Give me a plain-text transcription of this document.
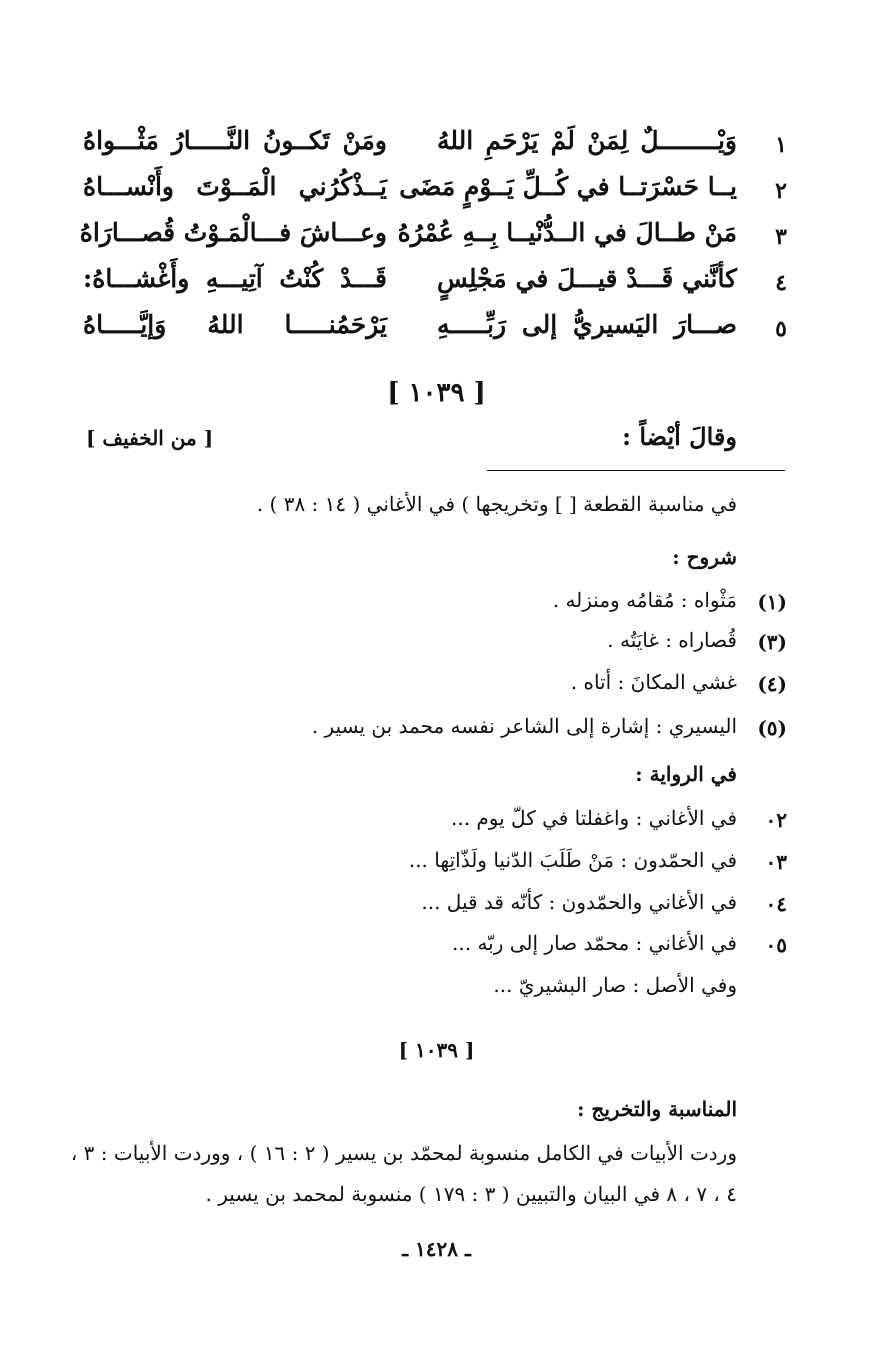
١
وَيْــــــــلٌ لِمَنْ لَمْ يَرْحَمِ اللهُ
ومَنْ تَكــونُ النَّـــــارُ مَثْـــواهُ
٢
يــا حَسْرَتــا في كُــلِّ يَــوْمٍ مَضَى
يَــذْكُرُني الْمَــوْتَ وأَنْســـاهُ
٣
مَنْ طــالَ في الــدُّنْيــا بِــهِ عُمْرُهُ
وعـــاشَ فـــالْمَـوْتُ قُصـــارَاهُ
٤
كأنَّني قَـــدْ قيـــلَ في مَجْلِسٍ
قَـــدْ كُنْتُ آتِيـــهِ وأَغْشـــاهُ:
٥
صـــارَ اليَسيريُّ إلى رَبِّـــــهِ
يَرْحَمُنـــــا اللهُ وَإيَّـــــاهُ
[ ١٠٣٩ ]
وقالَ أيْضاً :
[ من الخفيف ]
في مناسبة القطعة [ ] وتخريجها ) في الأغاني ( ١٤ : ٣٨ ) .
شروح :
(١)
مَثْواه : مُقامُه ومنزله .
(٣)
قُصاراه : غايَتُه .
(٤)
غشي المكانَ : أتاه .
(٥)
اليسيري : إشارة إلى الشاعر نفسه محمد بن يسير .
في الرواية :
٠٢
في الأغاني : واغفلتا في كلّ يوم ...
٠٣
في الحمّدون : مَنْ طَلَبَ الدّنيا ولَذّاتِها ...
٠٤
في الأغاني والحمّدون : كأنّه قد قيل ...
٠٥
في الأغاني : محمّد صار إلى ربّه ...
وفي الأصل : صار البشيريّ ...
[ ١٠٣٩ ]
المناسبة والتخريج :
وردت الأبيات في الكامل منسوبة لمحمّد بن يسير ( ٢ : ١٦ ) ، ووردت الأبيات : ٣ ،
٤ ، ٧ ، ٨ في البيان والتبيين ( ٣ : ١٧٩ ) منسوبة لمحمد بن يسير .
ـ ١٤٢٨ ـ
